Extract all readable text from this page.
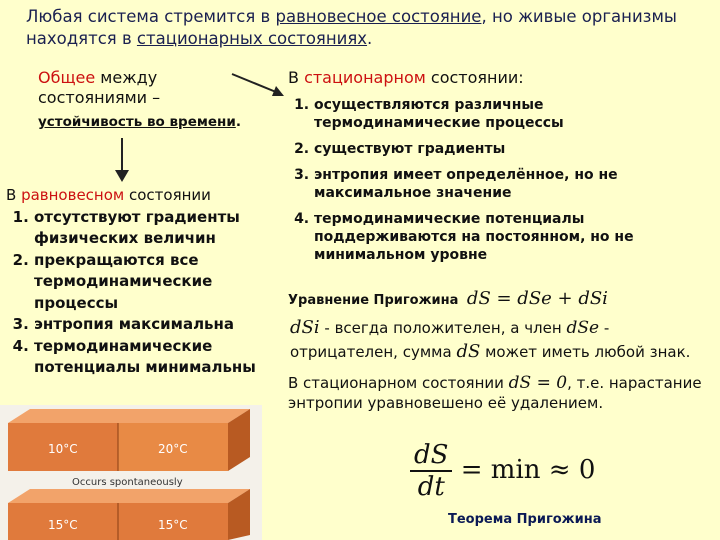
Любая система стремится в равновесное состояние, но живые организмы находятся в стационарных состояниях.
Общее между
состояниями –
устойчивость во времени.
В равновесном состоянии
1. отсутствуют градиенты физических величин
2. прекращаются все термодинамические процессы
3. энтропия максимальна
4. термодинамические потенциалы минимальны
В стационарном состоянии:
1. осуществляются различные термодинамические процессы
2. существуют градиенты
3. энтропия имеет определённое, но не максимальное значение
4. термодинамические потенциалы поддерживаются на постоянном, но не минимальном уровне
Уравнение Пригожина dS = dSe + dSi
dSi - всегда положителен, а член dSe - отрицателен, сумма dS может иметь любой знак.
В стационарном состоянии dS = 0, т.е. нарастание энтропии уравновешено её удалением.
$\frac{dS}{dt} = \min \approx 0$
Теорема Пригожина
10°C	20°C
Occurs spontaneously
15°C	15°C
